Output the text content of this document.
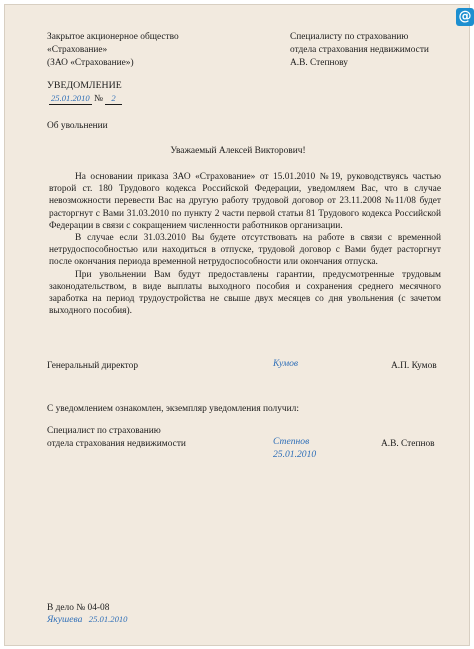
@
Закрытое акционерное общество
«Страхование»
(ЗАО «Страхование»)
Специалисту по страхованию
отдела страхования недвижимости
А.В. Степнову
УВЕДОМЛЕНИЕ
25.01.2010 № 2
Об увольнении
Уважаемый Алексей Викторович!

На основании приказа ЗАО «Страхование» от 15.01.2010 №19, руководствуясь частью второй ст. 180 Трудового кодекса Российской Федерации, уведомляем Вас, что в случае невозможности перевести Вас на другую работу трудовой договор от 23.11.2008 №11/08 будет расторгнут с Вами 31.03.2010 по пункту 2 части первой статьи 81 Трудового кодекса Российской Федерации в связи с сокращением численности работников организации.

В случае если 31.03.2010 Вы будете отсутствовать на работе в связи с временной нетрудоспособностью или находиться в отпуске, трудовой договор с Вами будет расторгнут после окончания периода временной нетрудоспособности или окончания отпуска.

При увольнении Вам будут предоставлены гарантии, предусмотренные трудовым законодательством, в виде выплаты выходного пособия и сохранения среднего месячного заработка на период трудоустройства не свыше двух месяцев со дня увольнения (с зачетом выходного пособия).

Генеральный директор	Кумов	А.П. Кумов
С уведомлением ознакомлен, экземпляр уведомления получил:
Специалист по страхованию
отдела страхования недвижимости	Степнов
25.01.2010
А.В. Степнов
В дело № 04-08
Якушева 25.01.2010
